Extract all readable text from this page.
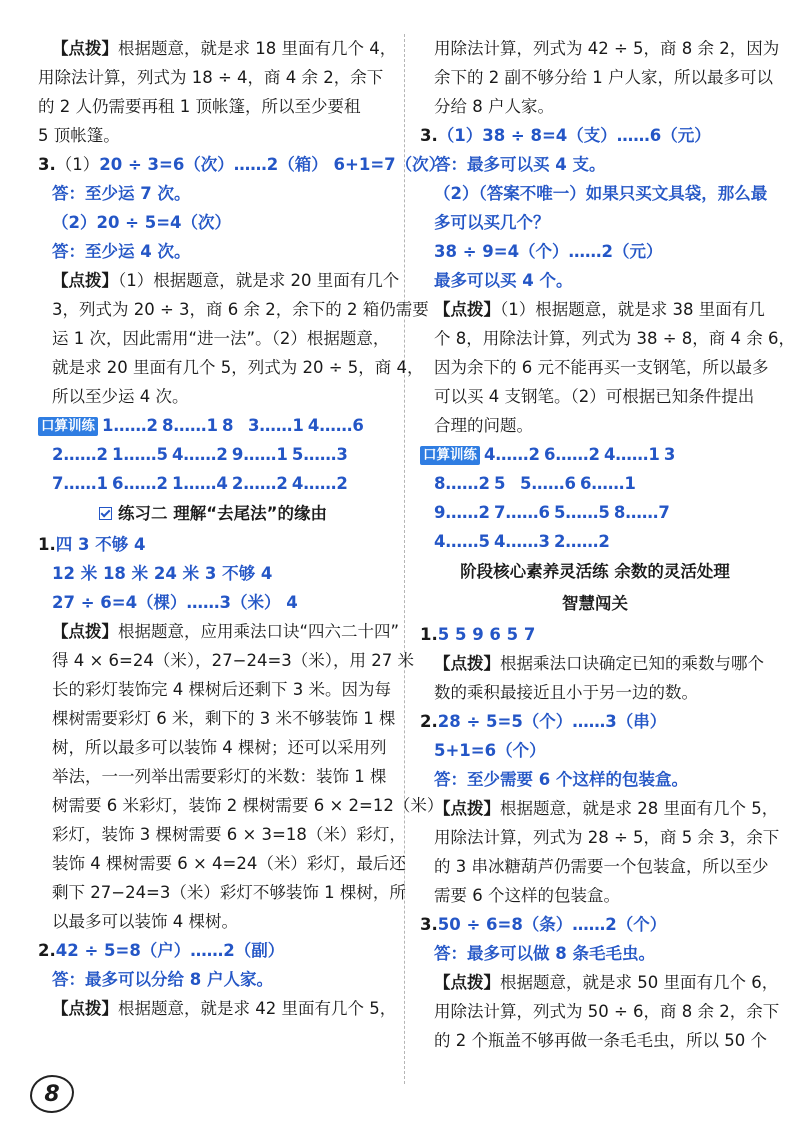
【点拨】根据题意，就是求 18 里面有几个 4，
用除法计算，列式为 18 ÷ 4，商 4 余 2，余下
的 2 人仍需要再租 1 顶帐篷，所以至少要租
5 顶帐篷。
3.（1）20 ÷ 3=6（次）……2（箱） 6+1=7（次）
答：至少运 7 次。
（2）20 ÷ 5=4（次）
答：至少运 4 次。
【点拨】（1）根据题意，就是求 20 里面有几个
3，列式为 20 ÷ 3，商 6 余 2，余下的 2 箱仍需要
运 1 次，因此需用“进一法”。（2）根据题意，
就是求 20 里面有几个 5，列式为 20 ÷ 5，商 4，
所以至少运 4 次。
口算训练 1……2 8……1 8 3……1 4……6
2……2 1……5 4……2 9……1 5……3
7……1 6……2 1……4 2……2 4……2
练习二 理解“去尾法”的缘由
1.四 3 不够 4
12 米 18 米 24 米 3 不够 4
27 ÷ 6=4（棵）……3（米） 4
【点拨】根据题意，应用乘法口诀“四六二十四”
得 4 × 6=24（米），27−24=3（米），用 27 米
长的彩灯装饰完 4 棵树后还剩下 3 米。因为每
棵树需要彩灯 6 米，剩下的 3 米不够装饰 1 棵
树，所以最多可以装饰 4 棵树；还可以采用列
举法，一一列举出需要彩灯的米数：装饰 1 棵
树需要 6 米彩灯，装饰 2 棵树需要 6 × 2=12（米）
彩灯，装饰 3 棵树需要 6 × 3=18（米）彩灯，
装饰 4 棵树需要 6 × 4=24（米）彩灯，最后还
剩下 27−24=3（米）彩灯不够装饰 1 棵树，所
以最多可以装饰 4 棵树。
2.42 ÷ 5=8（户）……2（副）
答：最多可以分给 8 户人家。
【点拨】根据题意，就是求 42 里面有几个 5，
用除法计算，列式为 42 ÷ 5，商 8 余 2，因为
余下的 2 副不够分给 1 户人家，所以最多可以
分给 8 户人家。
3.（1）38 ÷ 8=4（支）……6（元）
答：最多可以买 4 支。
（2）（答案不唯一）如果只买文具袋，那么最
多可以买几个？
38 ÷ 9=4（个）……2（元）
最多可以买 4 个。
【点拨】（1）根据题意，就是求 38 里面有几
个 8，用除法计算，列式为 38 ÷ 8，商 4 余 6，
因为余下的 6 元不能再买一支钢笔，所以最多
可以买 4 支钢笔。（2）可根据已知条件提出
合理的问题。
口算训练 4……2 6……2 4……1 3
8……2 5 5……6 6……1
9……2 7……6 5……5 8……7
4……5 4……3 2……2
阶段核心素养灵活练 余数的灵活处理
智慧闯关
1.5 5 9 6 5 7
【点拨】根据乘法口诀确定已知的乘数与哪个
数的乘积最接近且小于另一边的数。
2.28 ÷ 5=5（个）……3（串）
5+1=6（个）
答：至少需要 6 个这样的包装盒。
【点拨】根据题意，就是求 28 里面有几个 5，
用除法计算，列式为 28 ÷ 5，商 5 余 3，余下
的 3 串冰糖葫芦仍需要一个包装盒，所以至少
需要 6 个这样的包装盒。
3.50 ÷ 6=8（条）……2（个）
答：最多可以做 8 条毛毛虫。
【点拨】根据题意，就是求 50 里面有几个 6，
用除法计算，列式为 50 ÷ 6，商 8 余 2，余下
的 2 个瓶盖不够再做一条毛毛虫，所以 50 个
8
